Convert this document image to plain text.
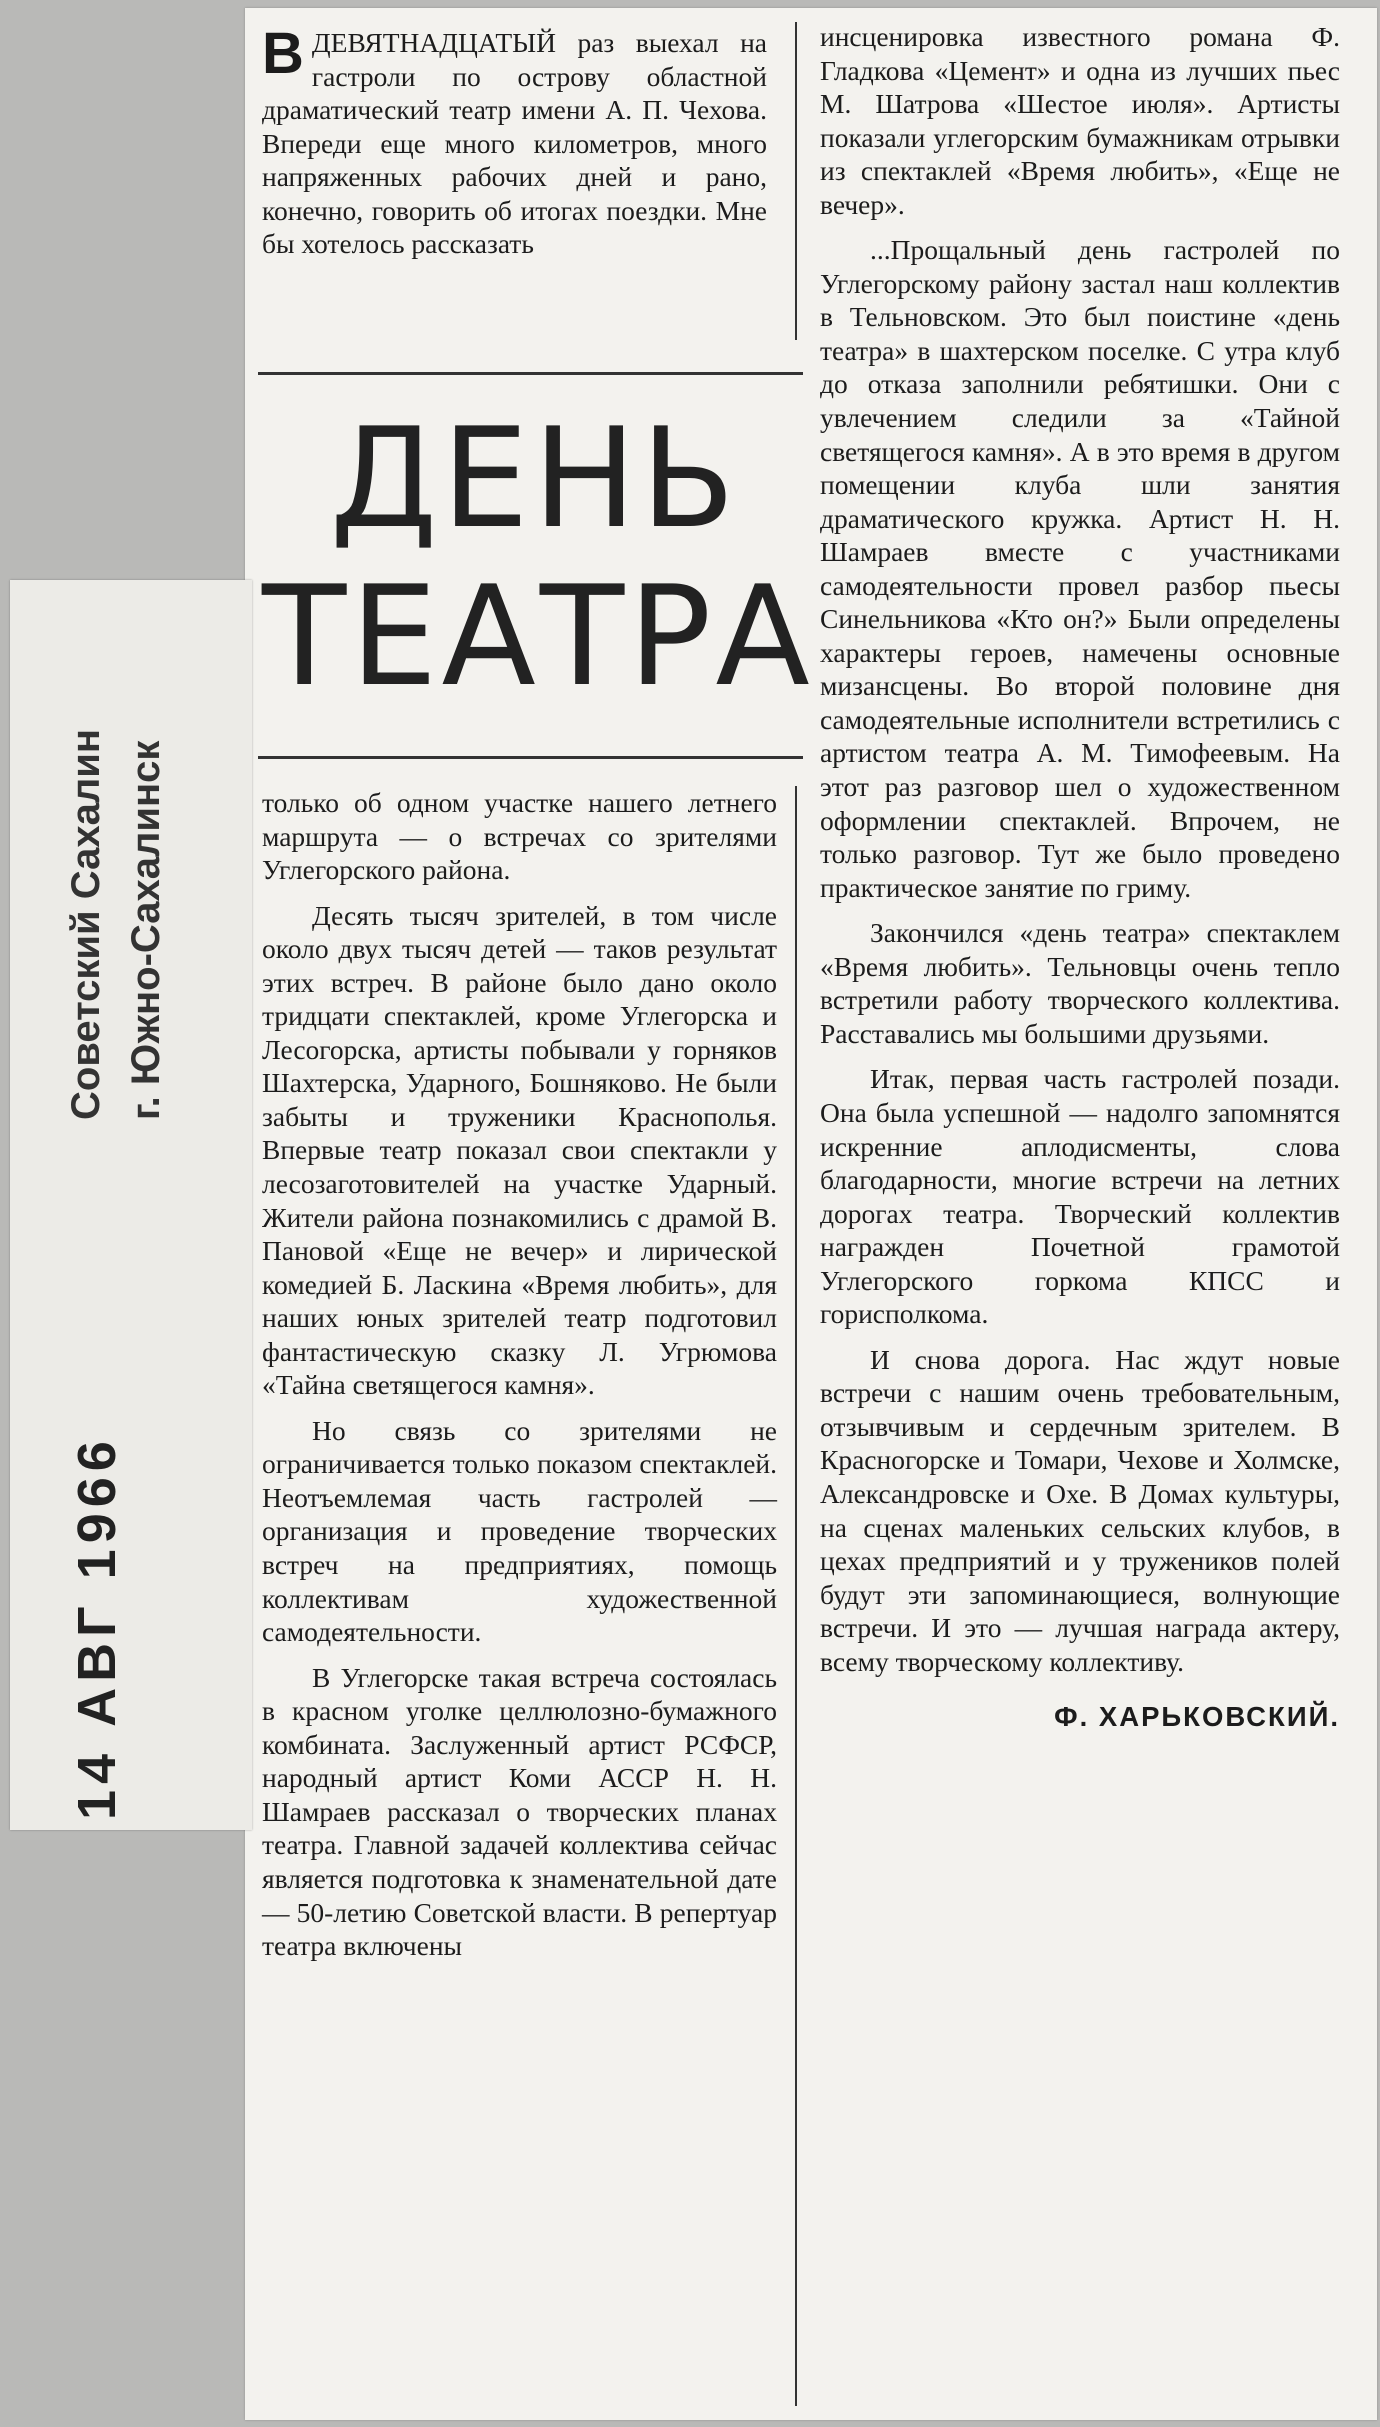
Советский Сахалин г. Южно-Сахалинск
14 АВГ 1966
В ДЕВЯТНАДЦАТЫЙ раз выехал на гастроли по острову областной драматический театр имени А. П. Чехова. Впереди еще много километров, много напряженных рабочих дней и рано, конечно, говорить об итогах поездки. Мне бы хотелось рассказать

ДЕНЬ
ТЕАТРА

только об одном участке нашего летнего маршрута — о встречах со зрителями Углегорского района.

Десять тысяч зрителей, в том числе около двух тысяч детей — таков результат этих встреч. В районе было дано около тридцати спектаклей, кроме Углегорска и Лесогорска, артисты побывали у горняков Шахтерска, Ударного, Бошняково. Не были забыты и труженики Краснополья. Впервые театр показал свои спектакли у лесозаготовителей на участке Ударный. Жители района познакомились с драмой В. Пановой «Еще не вечер» и лирической комедией Б. Ласкина «Время любить», для наших юных зрителей театр подготовил фантастическую сказку Л. Угрюмова «Тайна светящегося камня».

Но связь со зрителями не ограничивается только показом спектаклей. Неотъемлемая часть гастролей — организация и проведение творческих встреч на предприятиях, помощь коллективам художественной самодеятельности.

В Углегорске такая встреча состоялась в красном уголке целлюлозно-бумажного комбината. Заслуженный артист РСФСР, народный артист Коми АССР Н. Н. Шамраев рассказал о творческих планах театра. Главной задачей коллектива сейчас является подготовка к знаменательной дате — 50-летию Советской власти. В репертуар театра включены

инсценировка известного романа Ф. Гладкова «Цемент» и одна из лучших пьес М. Шатрова «Шестое июля». Артисты показали углегорским бумажникам отрывки из спектаклей «Время любить», «Еще не вечер».

...Прощальный день гастролей по Углегорскому району застал наш коллектив в Тельновском. Это был поистине «день театра» в шахтерском поселке. С утра клуб до отказа заполнили ребятишки. Они с увлечением следили за «Тайной светящегося камня». А в это время в другом помещении клуба шли занятия драматического кружка. Артист Н. Н. Шамраев вместе с участниками самодеятельности провел разбор пьесы Синельникова «Кто он?» Были определены характеры героев, намечены основные мизансцены. Во второй половине дня самодеятельные исполнители встретились с артистом театра А. М. Тимофеевым. На этот раз разговор шел о художественном оформлении спектаклей. Впрочем, не только разговор. Тут же было проведено практическое занятие по гриму.

Закончился «день театра» спектаклем «Время любить». Тельновцы очень тепло встретили работу творческого коллектива. Расставались мы большими друзьями.

Итак, первая часть гастролей позади. Она была успешной — надолго запомнятся искренние аплодисменты, слова благодарности, многие встречи на летних дорогах театра. Творческий коллектив награжден Почетной грамотой Углегорского горкома КПСС и горисполкома.

И снова дорога. Нас ждут новые встречи с нашим очень требовательным, отзывчивым и сердечным зрителем. В Красногорске и Томари, Чехове и Холмске, Александровске и Охе. В Домах культуры, на сценах маленьких сельских клубов, в цехах предприятий и у тружеников полей будут эти запоминающиеся, волнующие встречи. И это — лучшая награда актеру, всему творческому коллективу.

Ф. ХАРЬКОВСКИЙ.
